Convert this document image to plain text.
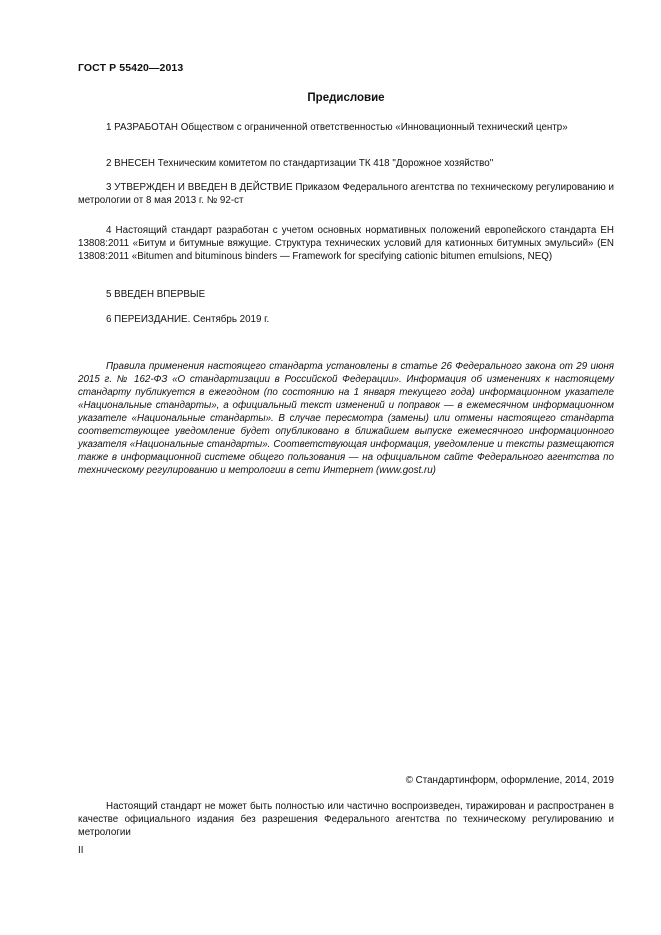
ГОСТ Р 55420—2013
Предисловие
1 РАЗРАБОТАН Обществом с ограниченной ответственностью «Инновационный технический центр»
2 ВНЕСЕН Техническим комитетом по стандартизации ТК 418 "Дорожное хозяйство"
3 УТВЕРЖДЕН И ВВЕДЕН В ДЕЙСТВИЕ Приказом Федерального агентства по техническому регулированию и метрологии от 8 мая 2013 г. № 92-ст
4 Настоящий стандарт разработан с учетом основных нормативных положений европейского стандарта ЕН 13808:2011 «Битум и битумные вяжущие. Структура технических условий для катионных битумных эмульсий» (EN 13808:2011 «Bitumen and bituminous binders — Framework for specifying cationic bitumen emulsions, NEQ)
5 ВВЕДЕН ВПЕРВЫЕ
6 ПЕРЕИЗДАНИЕ. Сентябрь 2019 г.
Правила применения настоящего стандарта установлены в статье 26 Федерального закона от 29 июня 2015 г. № 162-ФЗ «О стандартизации в Российской Федерации». Информация об изменениях к настоящему стандарту публикуется в ежегодном (по состоянию на 1 января текущего года) информационном указателе «Национальные стандарты», а официальный текст изменений и поправок — в ежемесячном информационном указателе «Национальные стандарты». В случае пересмотра (замены) или отмены настоящего стандарта соответствующее уведомление будет опубликовано в ближайшем выпуске ежемесячного информационного указателя «Национальные стандарты». Соответствующая информация, уведомление и тексты размещаются также в информационной системе общего пользования — на официальном сайте Федерального агентства по техническому регулированию и метрологии в сети Интернет (www.gost.ru)
© Стандартинформ, оформление, 2014, 2019
Настоящий стандарт не может быть полностью или частично воспроизведен, тиражирован и распространен в качестве официального издания без разрешения Федерального агентства по техническому регулированию и метрологии
II
